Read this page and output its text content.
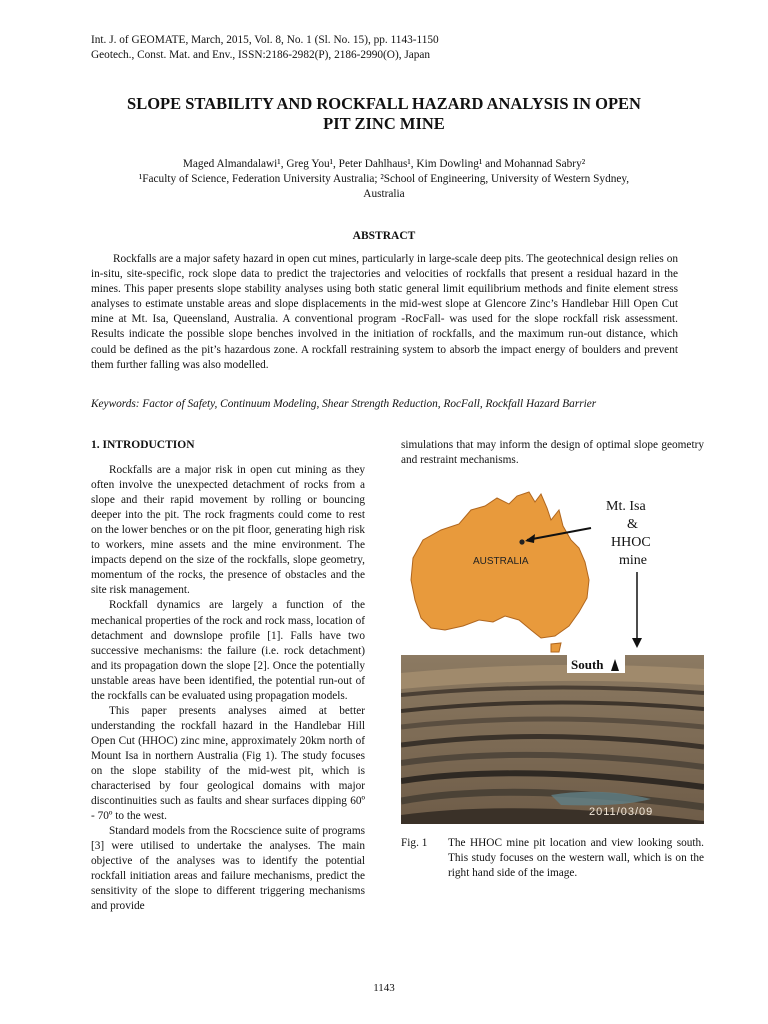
Int. J. of GEOMATE, March, 2015, Vol. 8, No. 1 (Sl. No. 15), pp. 1143-1150
Geotech., Const. Mat. and Env., ISSN:2186-2982(P), 2186-2990(O), Japan
SLOPE STABILITY AND ROCKFALL HAZARD ANALYSIS IN OPEN
PIT ZINC MINE
Maged Almandalawi¹, Greg You¹, Peter Dahlhaus¹, Kim Dowling¹ and Mohannad Sabry²
¹Faculty of Science, Federation University Australia; ²School of Engineering, University of Western Sydney,
Australia
ABSTRACT
Rockfalls are a major safety hazard in open cut mines, particularly in large-scale deep pits. The geotechnical design relies on in-situ, site-specific, rock slope data to predict the trajectories and velocities of rockfalls that present a residual hazard in the mines. This paper presents slope stability analyses using both static general limit equilibrium methods and finite element stress analyses to estimate unstable areas and slope displacements in the mid-west slope at Glencore Zinc’s Handlebar Hill Open Cut mine at Mt. Isa, Queensland, Australia. A conventional program -RocFall- was used for the slope rockfall risk assessment. Results indicate the possible slope benches involved in the initiation of rockfalls, and the maximum run-out distance, which could be defined as the pit’s hazardous zone. A rockfall restraining system to absorb the impact energy of boulders and prevent them further falling was also modelled.
Keywords: Factor of Safety, Continuum Modeling, Shear Strength Reduction, RocFall, Rockfall Hazard Barrier
1. INTRODUCTION

Rockfalls are a major risk in open cut mining as they often involve the unexpected detachment of rocks from a slope and their rapid movement by rolling or bouncing deeper into the pit. The rock fragments could come to rest on the lower benches or on the pit floor, generating high risk to workers, mine assets and the mine environment. The impacts depend on the size of the rockfalls, slope geometry, momentum of the rocks, the presence of obstacles and the site risk management.

Rockfall dynamics are largely a function of the mechanical properties of the rock and rock mass, location of detachment and downslope profile [1]. Falls have two successive mechanisms: the failure (i.e. rock detachment) and its propagation down the slope [2]. Once the potentially unstable areas have been identified, the potential run-out of the rockfalls can be evaluated using propagation models.

This paper presents analyses aimed at better understanding the rockfall hazard in the Handlebar Hill Open Cut (HHOC) zinc mine, approximately 20km north of Mount Isa in northern Australia (Fig 1). The study focuses on the slope stability of the mid-west pit, which is characterised by four geological domains with major discontinuities such as faults and shear surfaces dipping 60º - 70º to the west.

Standard models from the Rocscience suite of programs [3] were utilised to undertake the analyses. The main objective of the analyses was to identify the potential rockfall initiation areas and failure mechanisms, predict the sensitivity of the slope to different triggering mechanisms and provide

simulations that may inform the design of optimal slope geometry and restraint mechanisms.

AUSTRALIA
Mt. Isa
&
HHOC
mine
South
2011/03/09
Fig. 1 The HHOC mine pit location and view looking south. This study focuses on the western wall, which is on the right hand side of the image.
1143
